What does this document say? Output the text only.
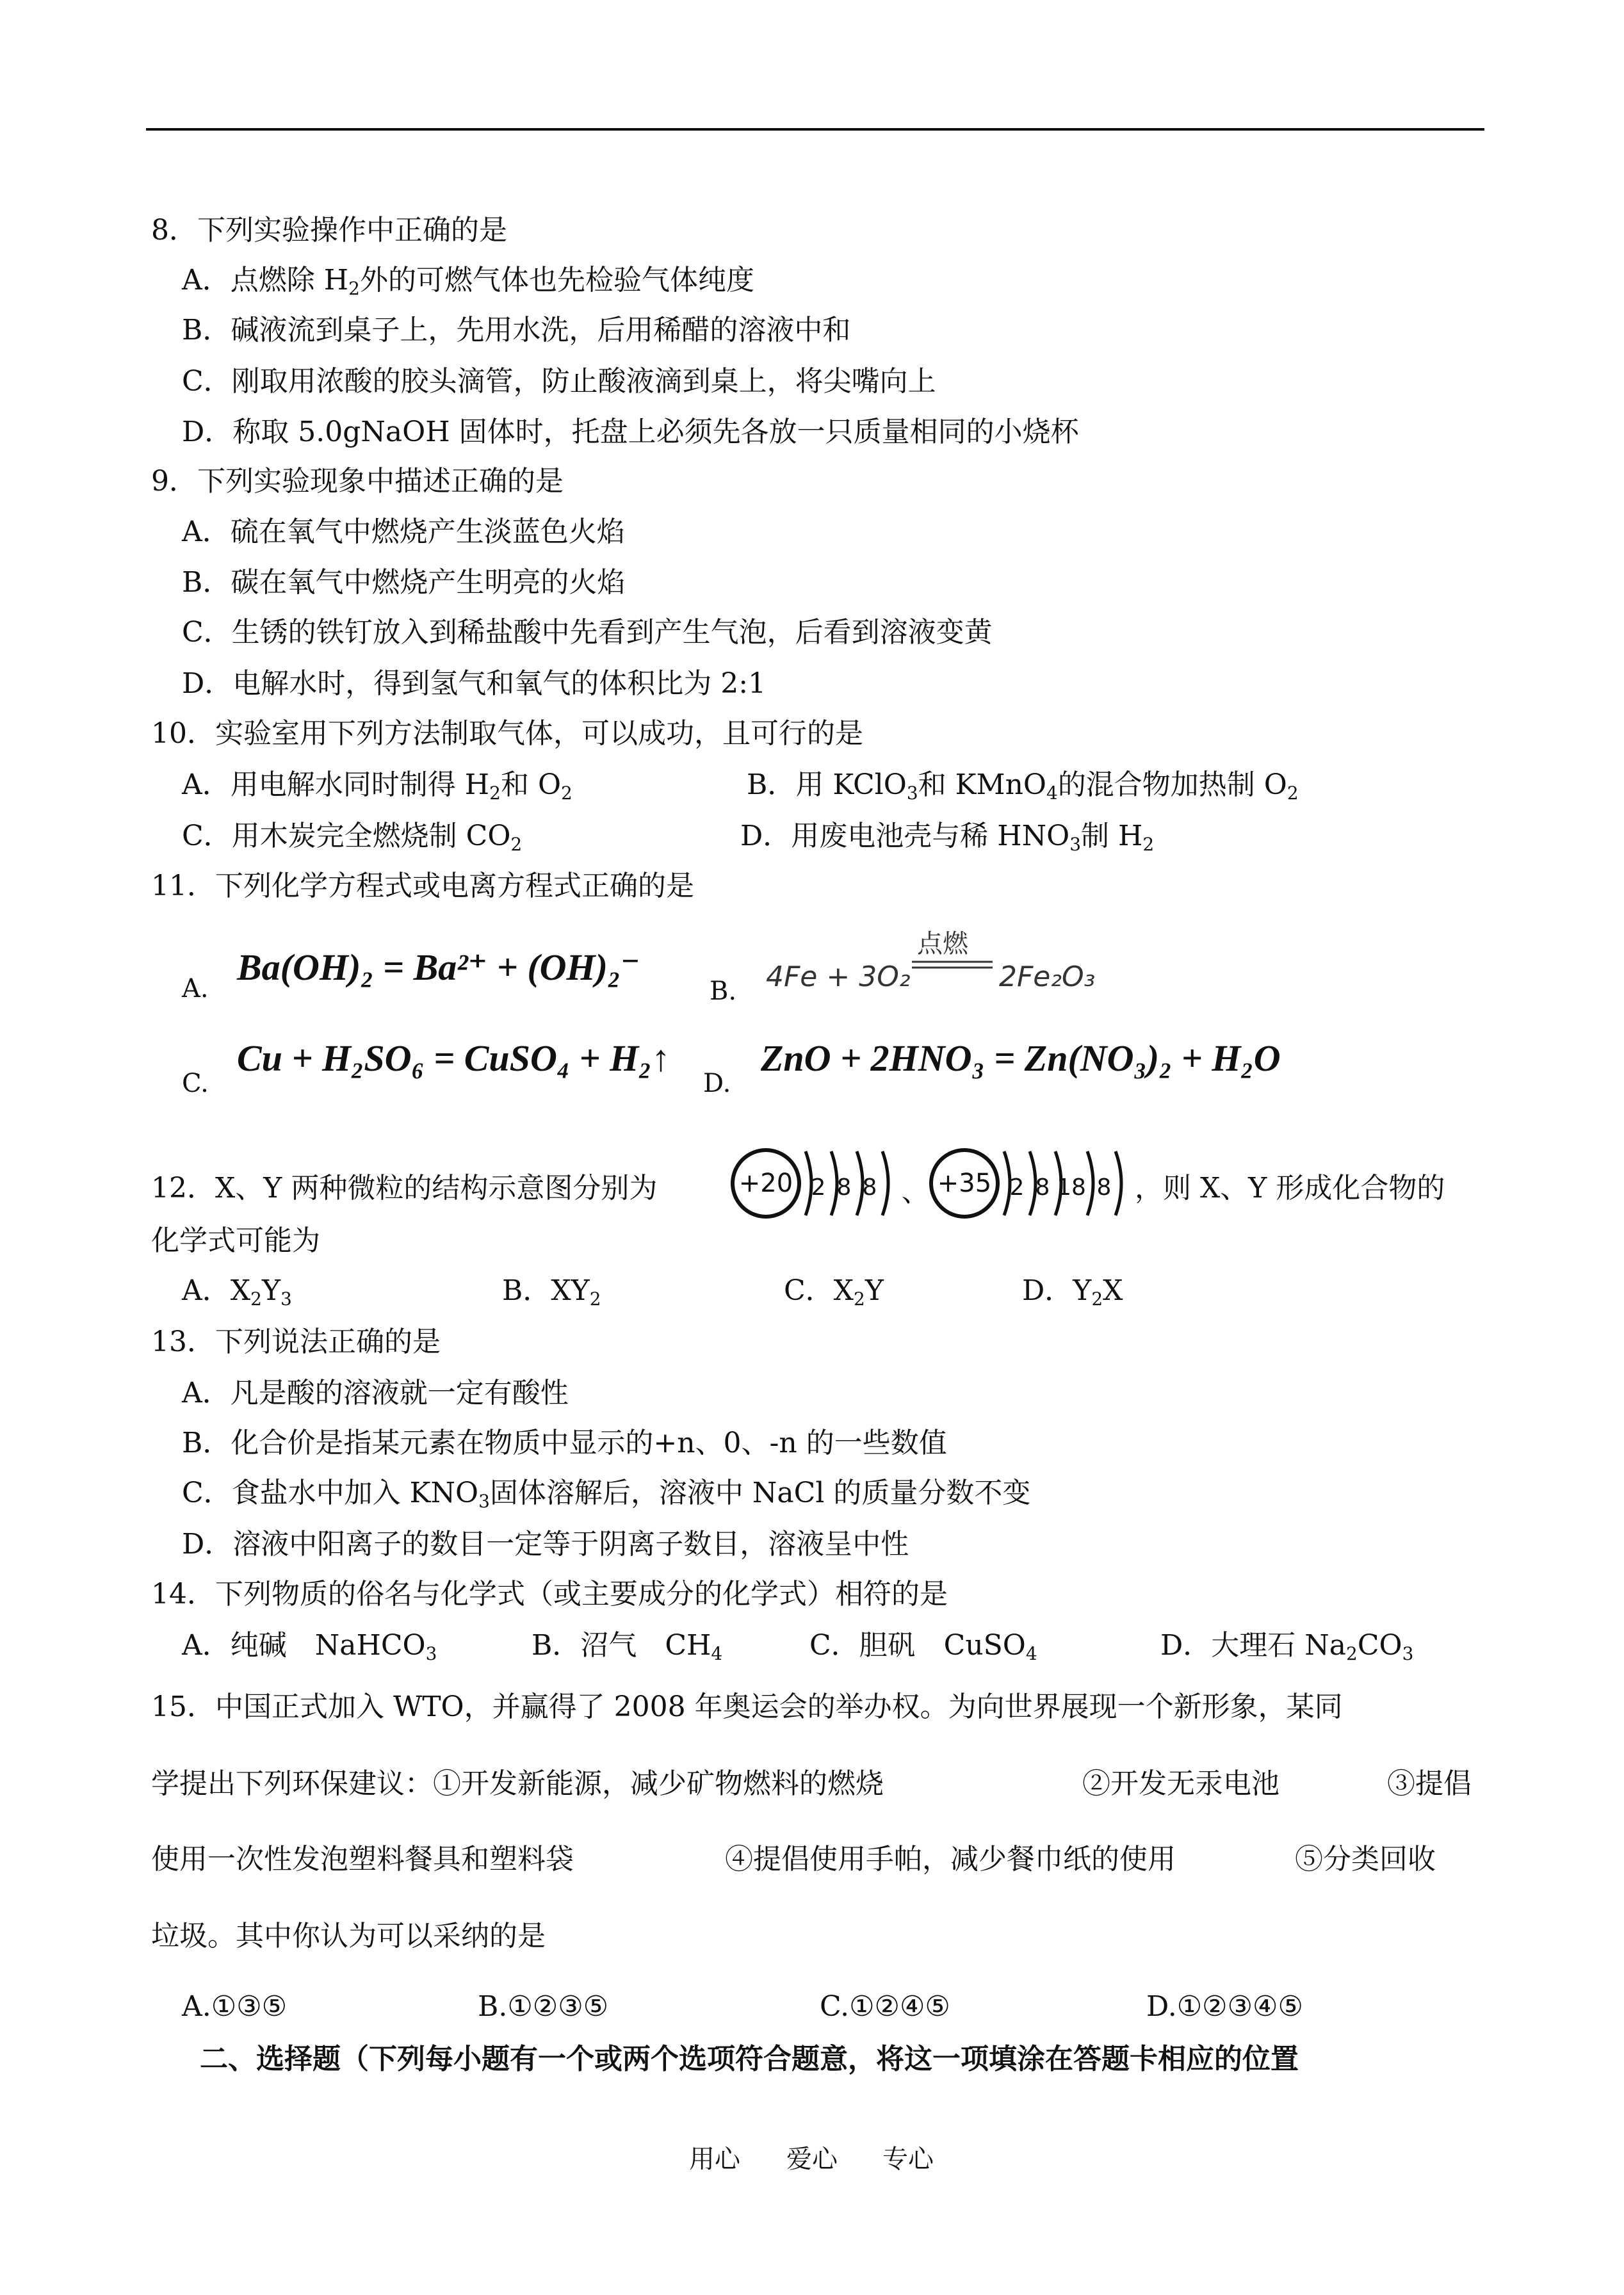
8．下列实验操作中正确的是
A．点燃除 $H_2$外的可燃气体也先检验气体纯度
B．碱液流到桌子上，先用水洗，后用稀醋的溶液中和
C．刚取用浓酸的胶头滴管，防止酸液滴到桌上，将尖嘴向上
D．称取 5.0gNaOH 固体时，托盘上必须先各放一只质量相同的小烧杯
9．下列实验现象中描述正确的是
A．硫在氧气中燃烧产生淡蓝色火焰
B．碳在氧气中燃烧产生明亮的火焰
C．生锈的铁钉放入到稀盐酸中先看到产生气泡，后看到溶液变黄
D．电解水时，得到氢气和氧气的体积比为 2:1
10．实验室用下列方法制取气体，可以成功，且可行的是
A．用电解水同时制得 $H_2$和 $O_2$	B．用 KClO$_3$和 KMnO$_4$的混合物加热制 $O_2$
C．用木炭完全燃烧制 $CO_2$	D．用废电池壳与稀 $HNO_3$制 $H_2$
11．下列化学方程式或电离方程式正确的是
A.
Ba(OH)₂ = Ba²⁺ + (OH)₂⁻
B. 4Fe + 3O₂
点燃
2Fe₂O₃
C.
Cu + H₂SO₆ = CuSO₄ + H₂↑
D.
ZnO + 2HNO₃ = Zn(NO₃)₂ + H₂O
12．X、Y 两种微粒的结构示意图分别为	+20 2 8 8 、 +35 2 8 18 8 ，则 X、Y 形成化合物的
化学式可能为
A．$X_2Y_3$	B．$XY_2$	C．$X_2Y$	D．$Y_2X$
13．下列说法正确的是
A．凡是酸的溶液就一定有酸性
B．化合价是指某元素在物质中显示的+n、0、-n 的一些数值
C．食盐水中加入 $KNO_3$固体溶解后，溶液中 NaCl 的质量分数不变
D．溶液中阳离子的数目一定等于阴离子数目，溶液呈中性
14．下列物质的俗名与化学式（或主要成分的化学式）相符的是
A．纯碱　NaHCO$_3$	B．沼气　$CH_4$	C．胆矾　CuSO$_4$	D．大理石 $Na_2CO_3$
15．中国正式加入 WTO，并赢得了 2008 年奥运会的举办权。为向世界展现一个新形象，某同
学提出下列环保建议：①开发新能源，减少矿物燃料的燃烧	②开发无汞电池	③提倡
使用一次性发泡塑料餐具和塑料袋	④提倡使用手帕，减少餐巾纸的使用	⑤分类回收
垃圾。其中你认为可以采纳的是
A.①③⑤	B.①②③⑤	C.①②④⑤	D.①②③④⑤
二、选择题（下列每小题有一个或两个选项符合题意，将这一项填涂在答题卡相应的位置
用心 爱心 专心
